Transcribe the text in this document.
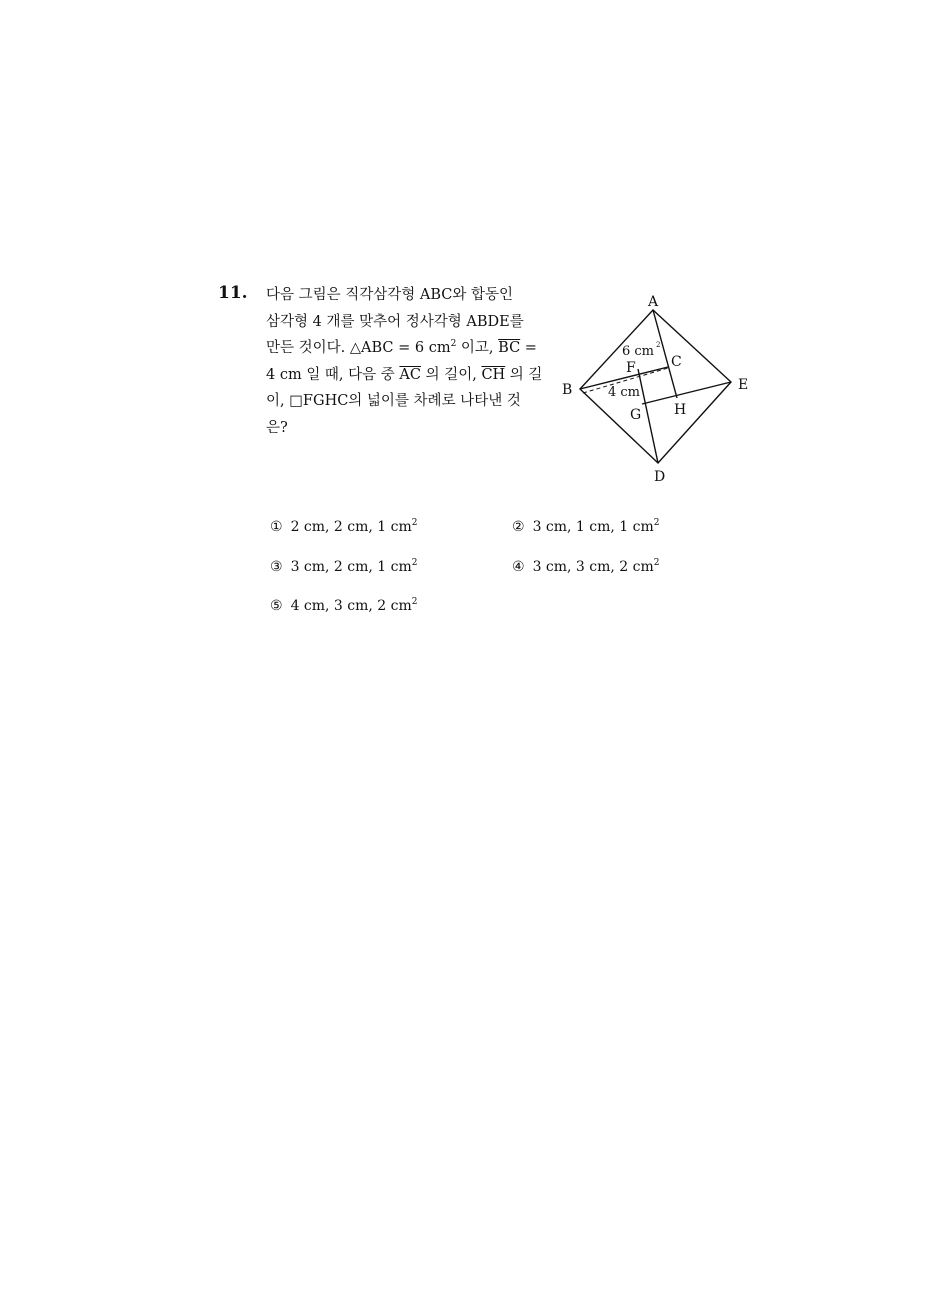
11. 다음 그림은 직각삼각형 ABC와 합동인
삼각형 4 개를 맞추어 정사각형 ABDE를
만든 것이다. △ABC = 6 $cm^2$ 이고, $\overline{BC}$ =
4 cm 일 때, 다음 중 $\overline{AC}$ 의 길이, $\overline{CH}$ 의 길
이, □FGHC의 넓이를 차례로 나타낸 것
은?
A
B
C
D
E
F
G H
6 cm 2
4 cm
① 2 cm, 2 cm, 1 $cm^2$	② 3 cm, 1 cm, 1 $cm^2$
③ 3 cm, 2 cm, 1 $cm^2$	④ 3 cm, 3 cm, 2 $cm^2$
⑤ 4 cm, 3 cm, 2 $cm^2$
